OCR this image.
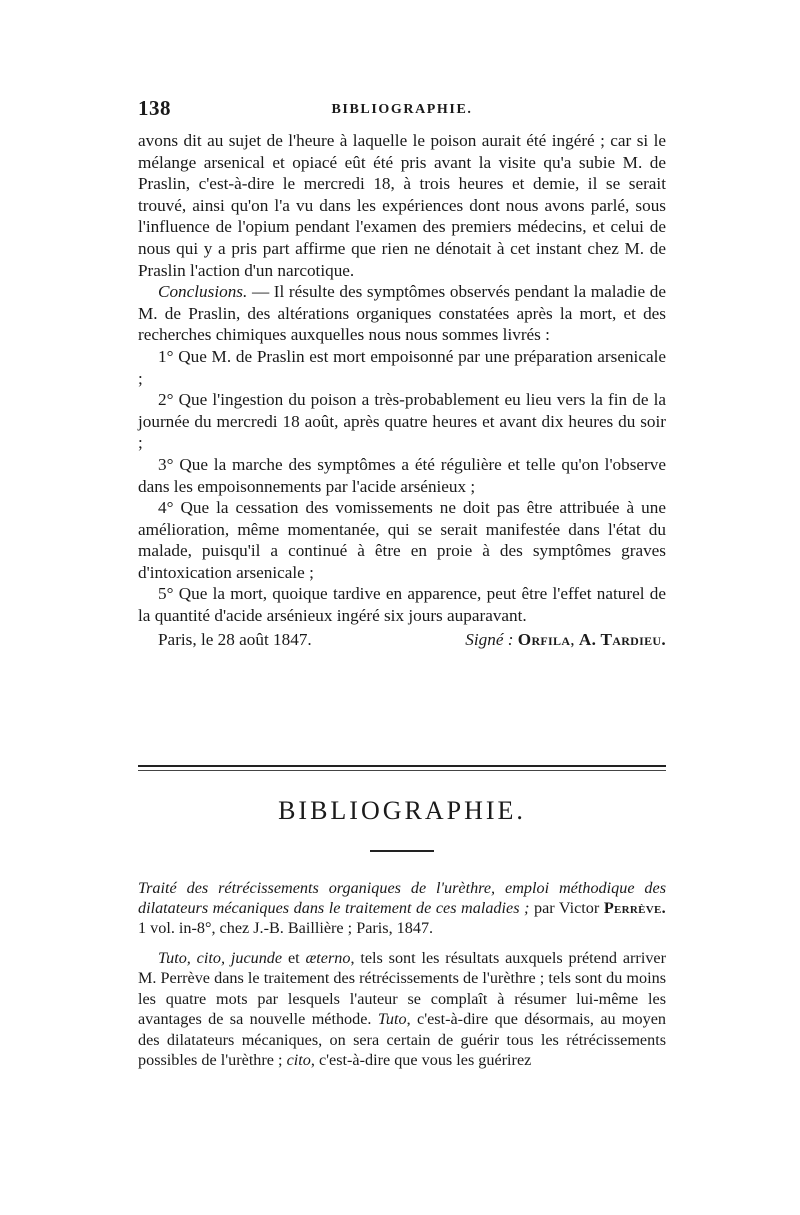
138	BIBLIOGRAPHIE.

avons dit au sujet de l'heure à laquelle le poison aurait été ingéré ; car si le mélange arsenical et opiacé eût été pris avant la visite qu'a subie M. de Praslin, c'est-à-dire le mercredi 18, à trois heures et demie, il se serait trouvé, ainsi qu'on l'a vu dans les expériences dont nous avons parlé, sous l'influence de l'opium pendant l'examen des premiers médecins, et celui de nous qui y a pris part affirme que rien ne dénotait à cet instant chez M. de Praslin l'action d'un narcotique.

Conclusions. — Il résulte des symptômes observés pendant la maladie de M. de Praslin, des altérations organiques constatées après la mort, et des recherches chimiques auxquelles nous nous sommes livrés :

1° Que M. de Praslin est mort empoisonné par une préparation arsenicale ;

2° Que l'ingestion du poison a très-probablement eu lieu vers la fin de la journée du mercredi 18 août, après quatre heures et avant dix heures du soir ;

3° Que la marche des symptômes a été régulière et telle qu'on l'observe dans les empoisonnements par l'acide arsénieux ;

4° Que la cessation des vomissements ne doit pas être attribuée à une amélioration, même momentanée, qui se serait manifestée dans l'état du malade, puisqu'il a continué à être en proie à des symptômes graves d'intoxication arsenicale ;

5° Que la mort, quoique tardive en apparence, peut être l'effet naturel de la quantité d'acide arsénieux ingéré six jours auparavant.

Paris, le 28 août 1847.	Signé : Orfila, A. Tardieu.
BIBLIOGRAPHIE.

Traité des rétrécissements organiques de l'urèthre, emploi méthodique des dilatateurs mécaniques dans le traitement de ces maladies ; par Victor Perrève. 1 vol. in-8°, chez J.-B. Baillière ; Paris, 1847.

Tuto, cito, jucunde et æterno, tels sont les résultats auxquels prétend arriver M. Perrève dans le traitement des rétrécissements de l'urèthre ; tels sont du moins les quatre mots par lesquels l'auteur se complaît à résumer lui-même les avantages de sa nouvelle méthode. Tuto, c'est-à-dire que désormais, au moyen des dilatateurs mécaniques, on sera certain de guérir tous les rétrécissements possibles de l'urèthre ; cito, c'est-à-dire que vous les guérirez
